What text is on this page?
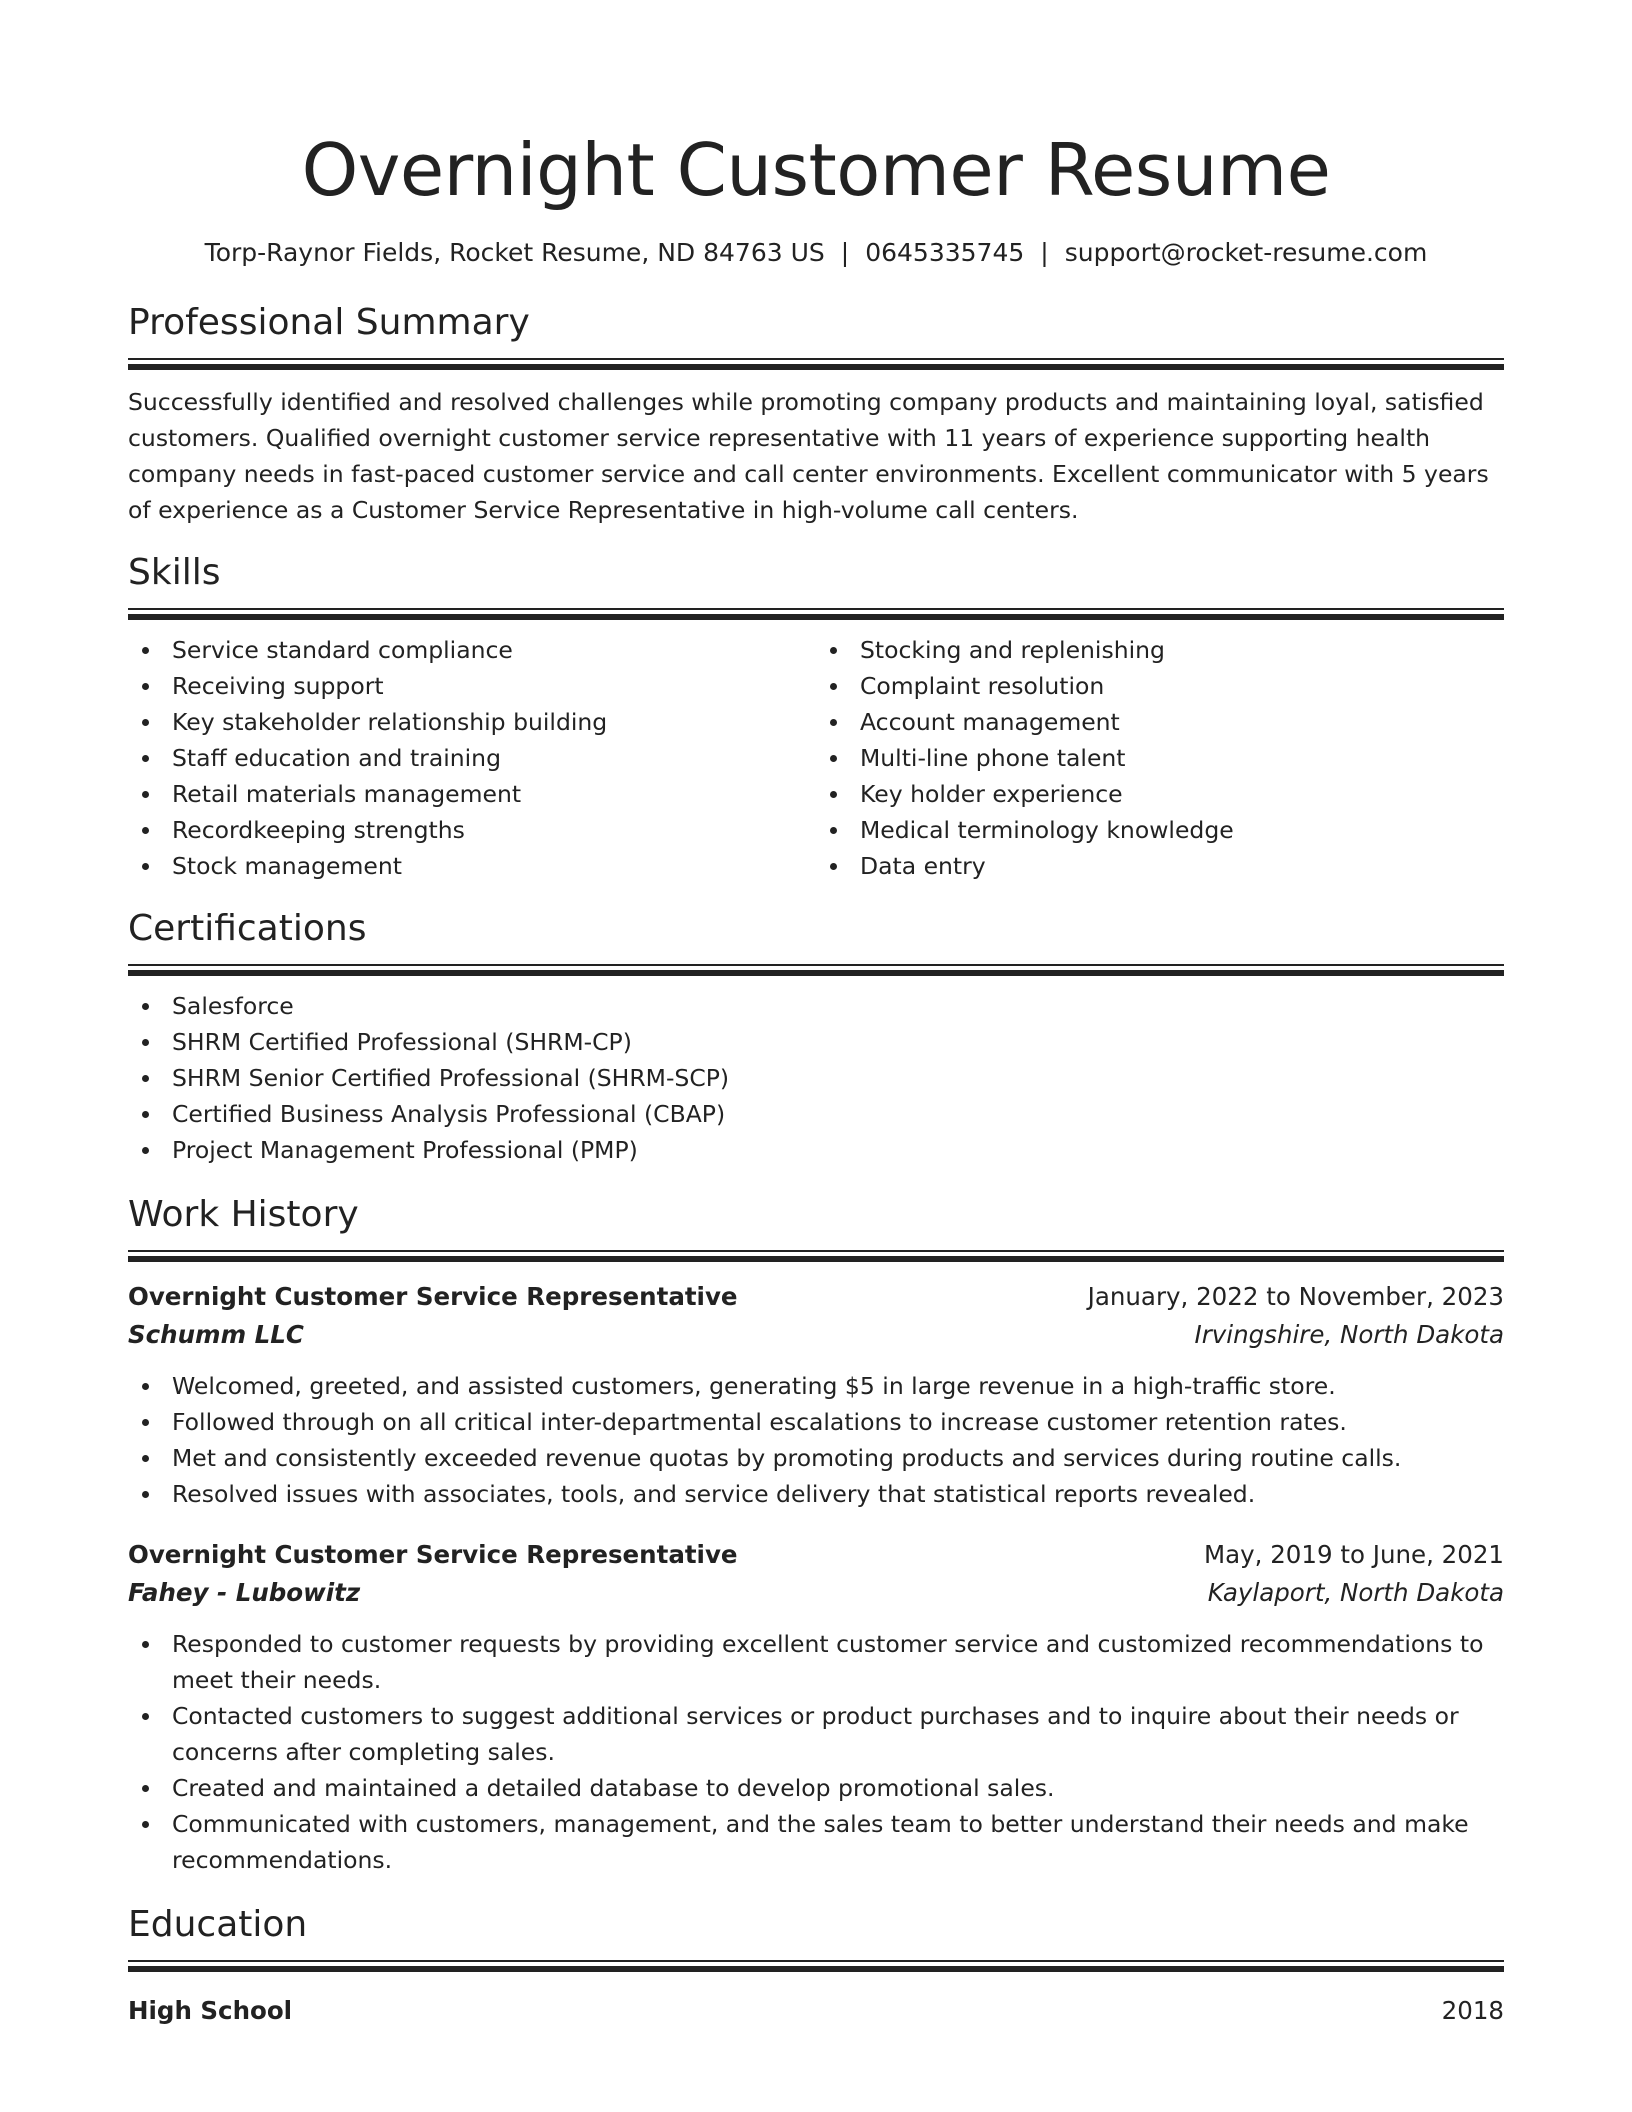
Overnight Customer Resume
Torp-Raynor Fields, Rocket Resume, ND 84763 US | 0645335745 | support@rocket-resume.com
Professional Summary

Successfully identified and resolved challenges while promoting company products and maintaining loyal, satisfied customers. Qualified overnight customer service representative with 11 years of experience supporting health company needs in fast-paced customer service and call center environments. Excellent communicator with 5 years of experience as a Customer Service Representative in high-volume call centers.

Skills
Service standard compliance
Receiving support
Key stakeholder relationship building
Staff education and training
Retail materials management
Recordkeeping strengths
Stock management
Stocking and replenishing
Complaint resolution
Account management
Multi-line phone talent
Key holder experience
Medical terminology knowledge
Data entry
Certifications
Salesforce
SHRM Certified Professional (SHRM-CP)
SHRM Senior Certified Professional (SHRM-SCP)
Certified Business Analysis Professional (CBAP)
Project Management Professional (PMP)
Work History
Overnight Customer Service Representative	January, 2022 to November, 2023
Schumm LLC	Irvingshire, North Dakota
Welcomed, greeted, and assisted customers, generating $5 in large revenue in a high-traffic store.
Followed through on all critical inter-departmental escalations to increase customer retention rates.
Met and consistently exceeded revenue quotas by promoting products and services during routine calls.
Resolved issues with associates, tools, and service delivery that statistical reports revealed.
Overnight Customer Service Representative	May, 2019 to June, 2021
Fahey - Lubowitz	Kaylaport, North Dakota
Responded to customer requests by providing excellent customer service and customized recommendations to meet their needs.
Contacted customers to suggest additional services or product purchases and to inquire about their needs or concerns after completing sales.
Created and maintained a detailed database to develop promotional sales.
Communicated with customers, management, and the sales team to better understand their needs and make recommendations.
Education
High School	2018
